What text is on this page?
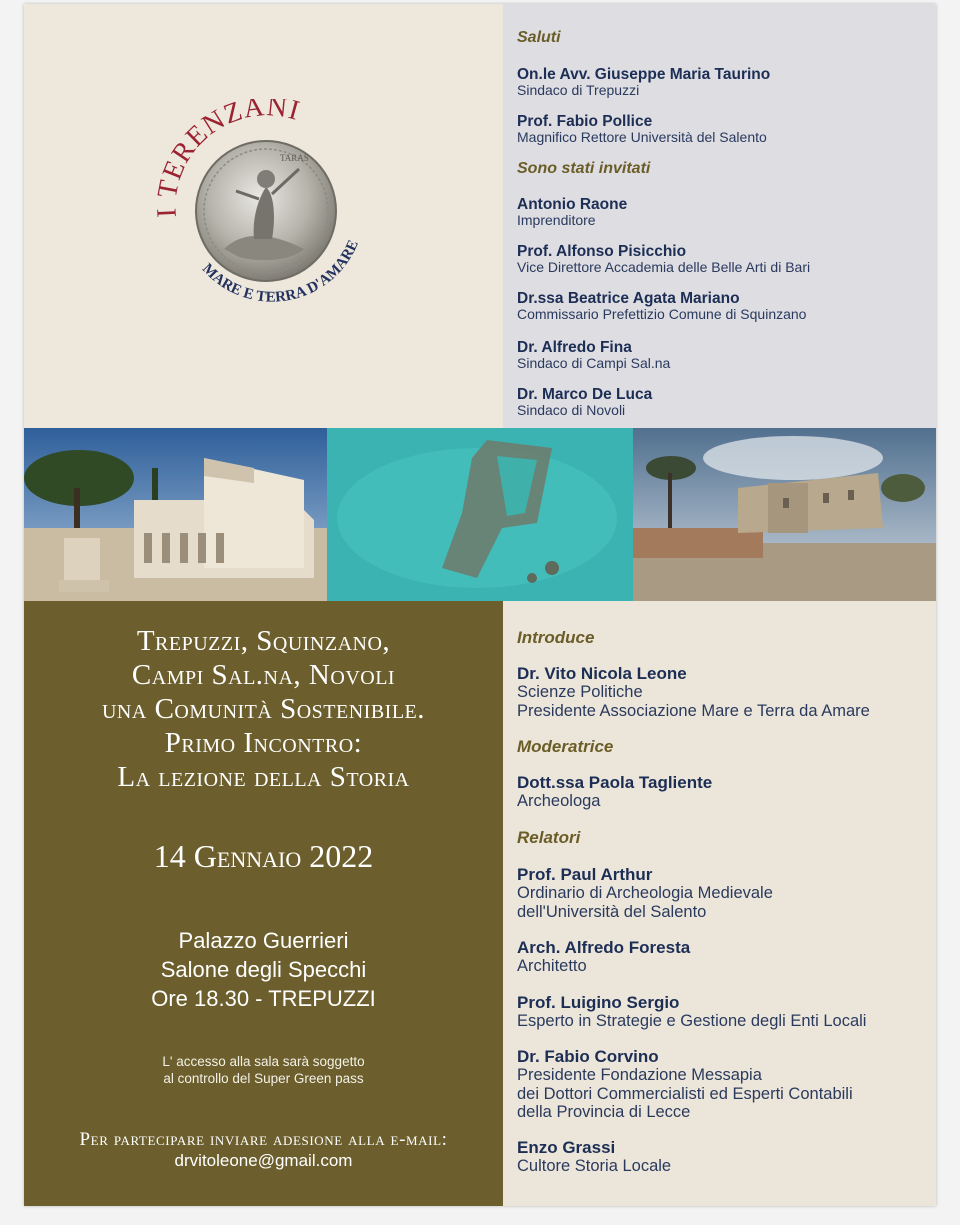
TARAS
I TERENZANI
MARE E TERRA D'AMARE
Saluti
On.le Avv. Giuseppe Maria Taurino
Sindaco di Trepuzzi
Prof. Fabio Pollice
Magnifico Rettore Università del Salento
Sono stati invitati
Antonio Raone
Imprenditore
Prof. Alfonso Pisicchio
Vice Direttore Accademia delle Belle Arti di Bari
Dr.ssa Beatrice Agata Mariano
Commissario Prefettizio Comune di Squinzano
Dr. Alfredo Fina
Sindaco di Campi Sal.na
Dr. Marco De Luca
Sindaco di Novoli
Trepuzzi, Squinzano,
Campi Sal.na, Novoli
una Comunità Sostenibile.
Primo Incontro:
La lezione della Storia
14 Gennaio 2022
Palazzo Guerrieri
Salone degli Specchi
Ore 18.30 - TREPUZZI
L' accesso alla sala sarà soggetto
al controllo del Super Green pass
Per partecipare inviare adesione alla e-mail:
drvitoleone@gmail.com
Introduce
Dr. Vito Nicola Leone
Scienze Politiche
Presidente Associazione Mare e Terra da Amare
Moderatrice
Dott.ssa Paola Tagliente
Archeologa
Relatori
Prof. Paul Arthur
Ordinario di Archeologia Medievale
dell'Università del Salento
Arch. Alfredo Foresta
Architetto
Prof. Luigino Sergio
Esperto in Strategie e Gestione degli Enti Locali
Dr. Fabio Corvino
Presidente Fondazione Messapia
dei Dottori Commercialisti ed Esperti Contabili
della Provincia di Lecce
Enzo Grassi
Cultore Storia Locale
